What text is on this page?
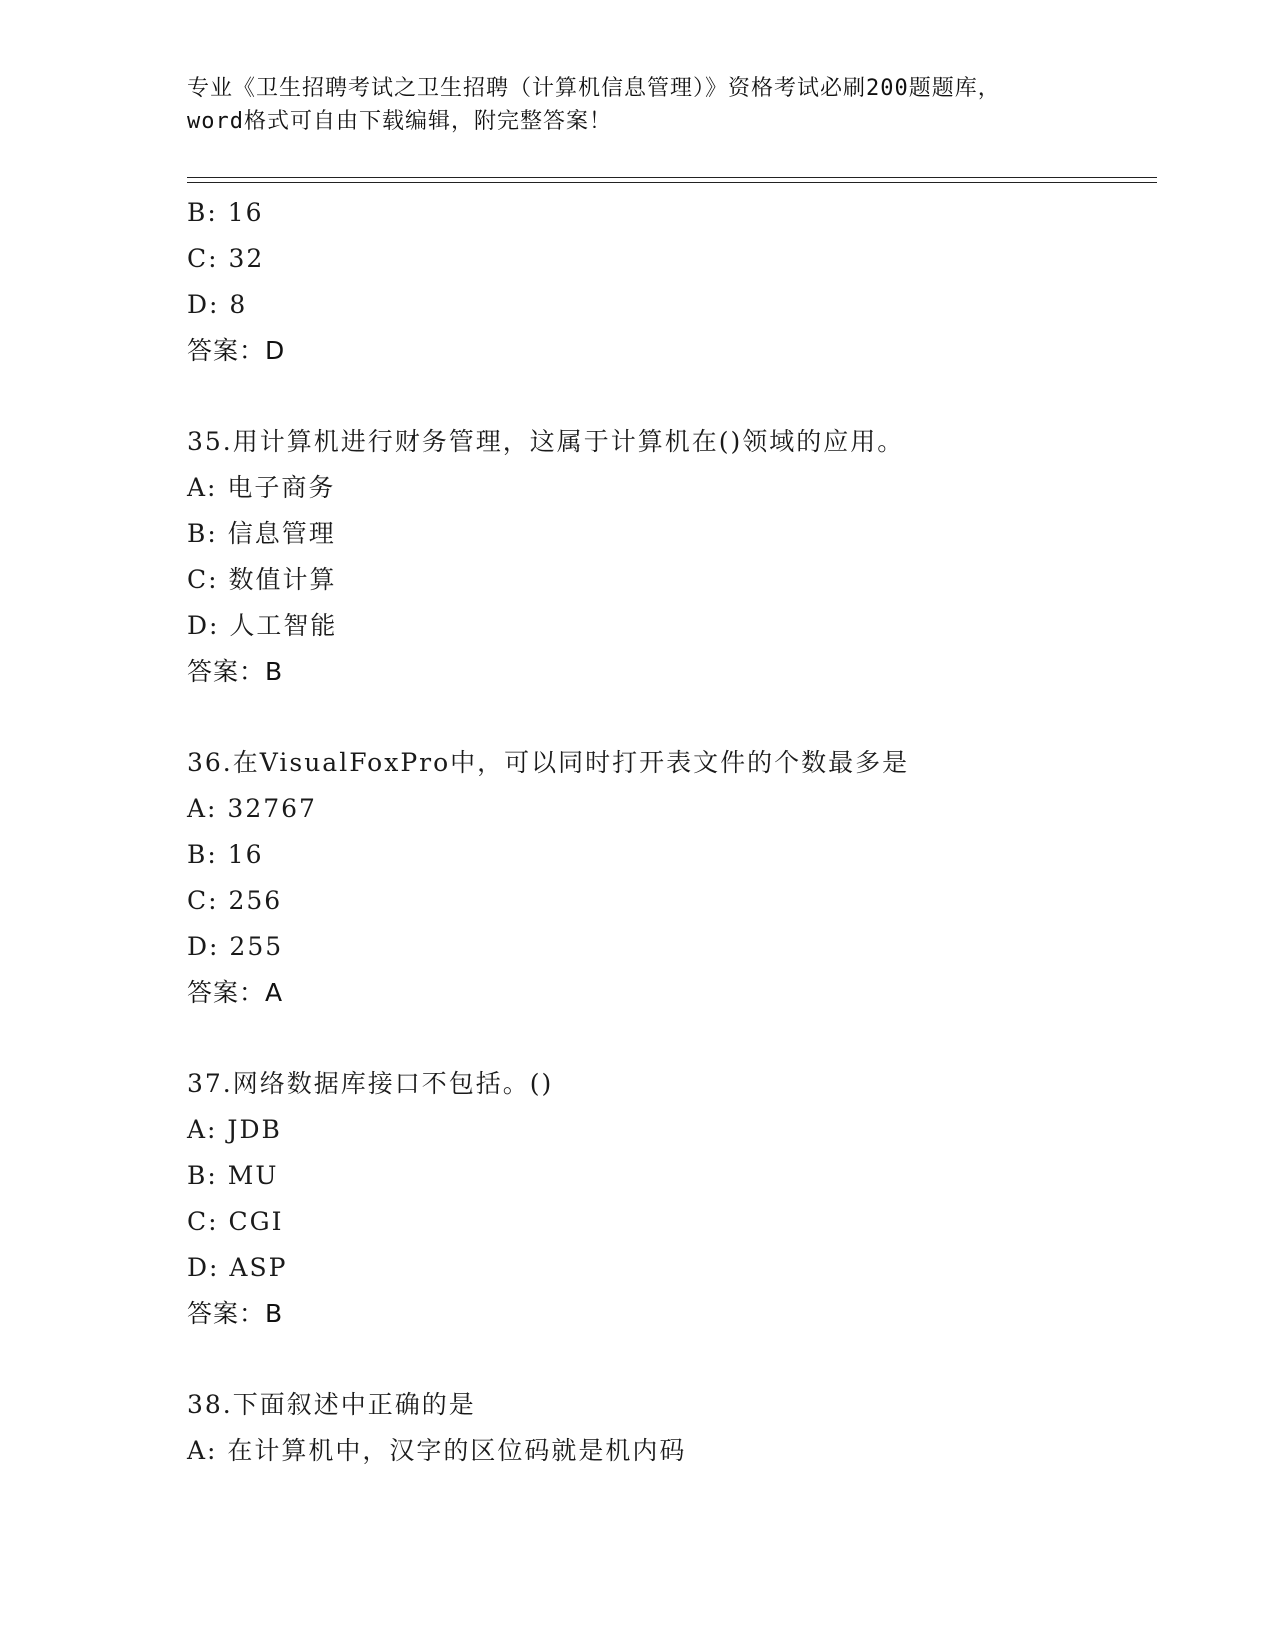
专业《卫生招聘考试之卫生招聘（计算机信息管理）》资格考试必刷200题题库，
word格式可自由下载编辑，附完整答案！
B: 16
C: 32
D: 8
答案：D
35.用计算机进行财务管理，这属于计算机在()领域的应用。
A: 电子商务
B: 信息管理
C: 数值计算
D: 人工智能
答案：B
36.在VisualFoxPro中，可以同时打开表文件的个数最多是
A: 32767
B: 16
C: 256
D: 255
答案：A
37.网络数据库接口不包括。()
A: JDB
B: MU
C: CGI
D: ASP
答案：B
38.下面叙述中正确的是
A: 在计算机中，汉字的区位码就是机内码
